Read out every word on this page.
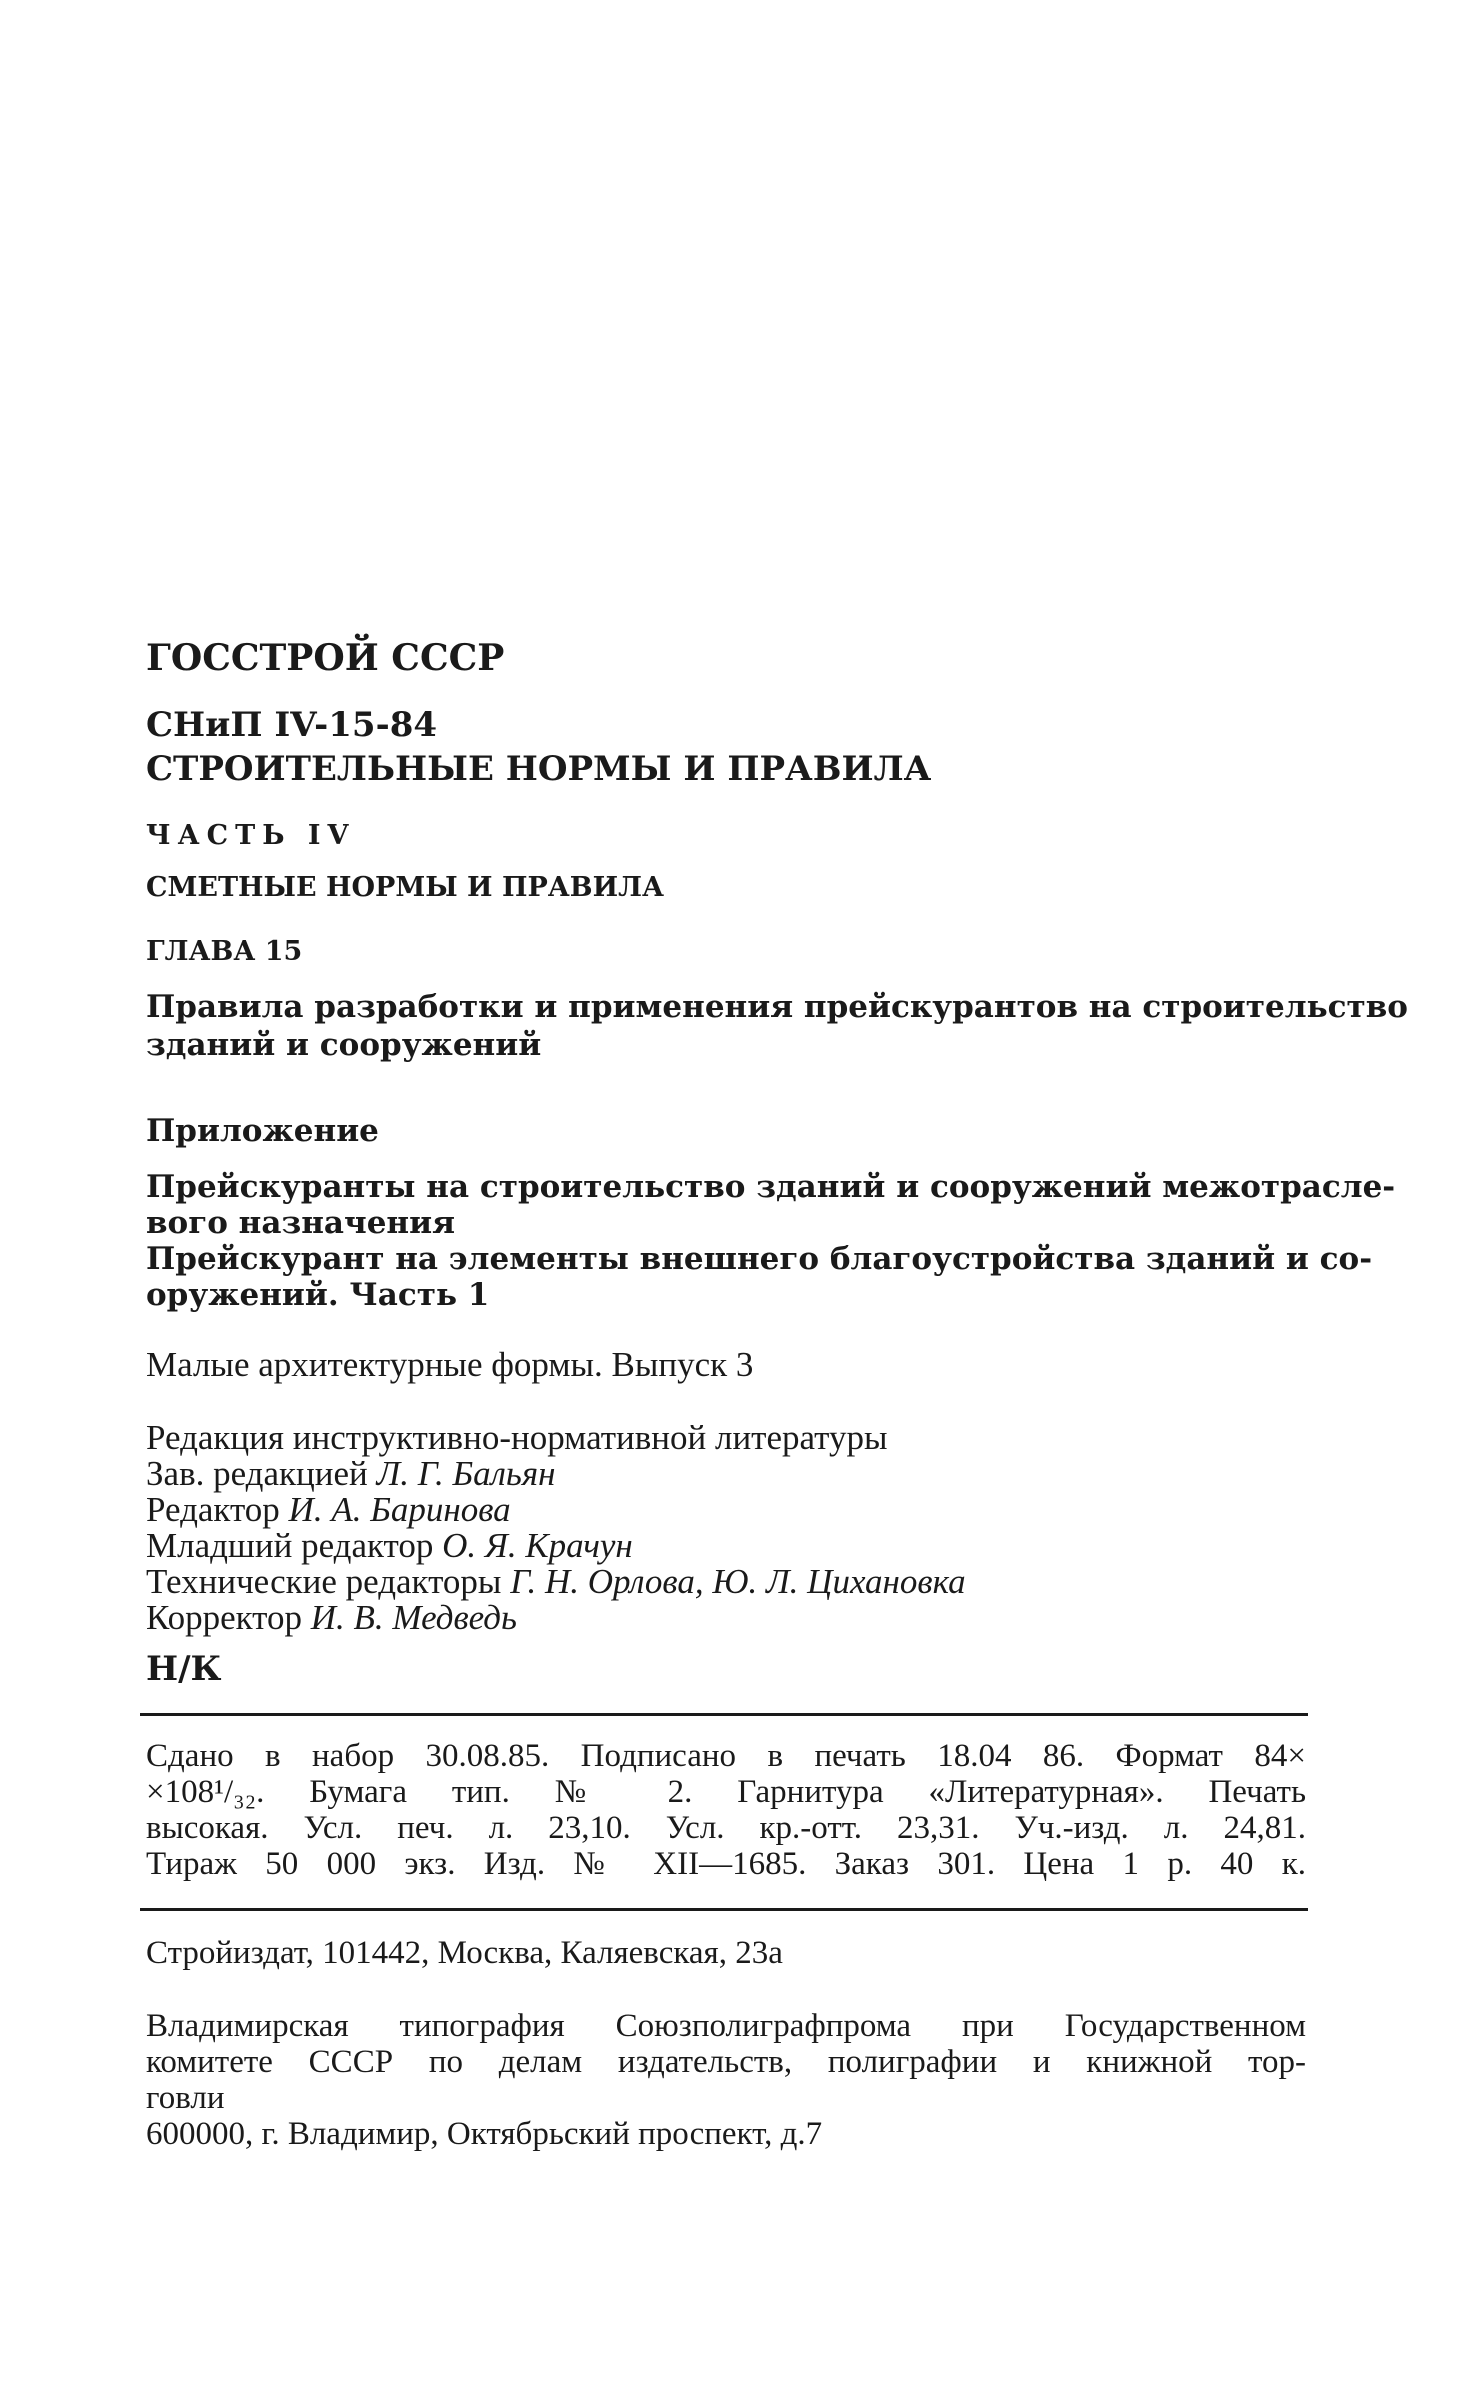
ГОССТРОЙ СССР
СНиП IV-15-84
СТРОИТЕЛЬНЫЕ НОРМЫ И ПРАВИЛА
ЧАСТЬ IV
СМЕТНЫЕ НОРМЫ И ПРАВИЛА
ГЛАВА 15
Правила разработки и применения прейскурантов на строительство
зданий и сооружений
Приложение
Прейскуранты на строительство зданий и сооружений межотрасле-
вого назначения
Прейскурант на элементы внешнего благоустройства зданий и со-
оружений. Часть 1
Малые архитектурные формы. Выпуск 3
Редакция инструктивно-нормативной литературы
Зав. редакцией Л. Г. Бальян
Редактор И. А. Баринова
Младший редактор О. Я. Крачун
Технические редакторы Г. Н. Орлова, Ю. Л. Цихановка
Корректор И. В. Медведь
Н/К
Сдано в набор 30.08.85. Подписано в печать 18.04 86. Формат 84×
×108¹/₃₂. Бумага тип. № 2. Гарнитура «Литературная». Печать
высокая. Усл. печ. л. 23,10. Усл. кр.-отт. 23,31. Уч.-изд. л. 24,81.
Тираж 50 000 экз. Изд. № XII—1685. Заказ 301. Цена 1 р. 40 к.
Стройиздат, 101442, Москва, Каляевская, 23а
Владимирская типография Союзполиграфпрома при Государственном
комитете СССР по делам издательств, полиграфии и книжной тор-
говли
600000, г. Владимир, Октябрьский проспект, д.7
